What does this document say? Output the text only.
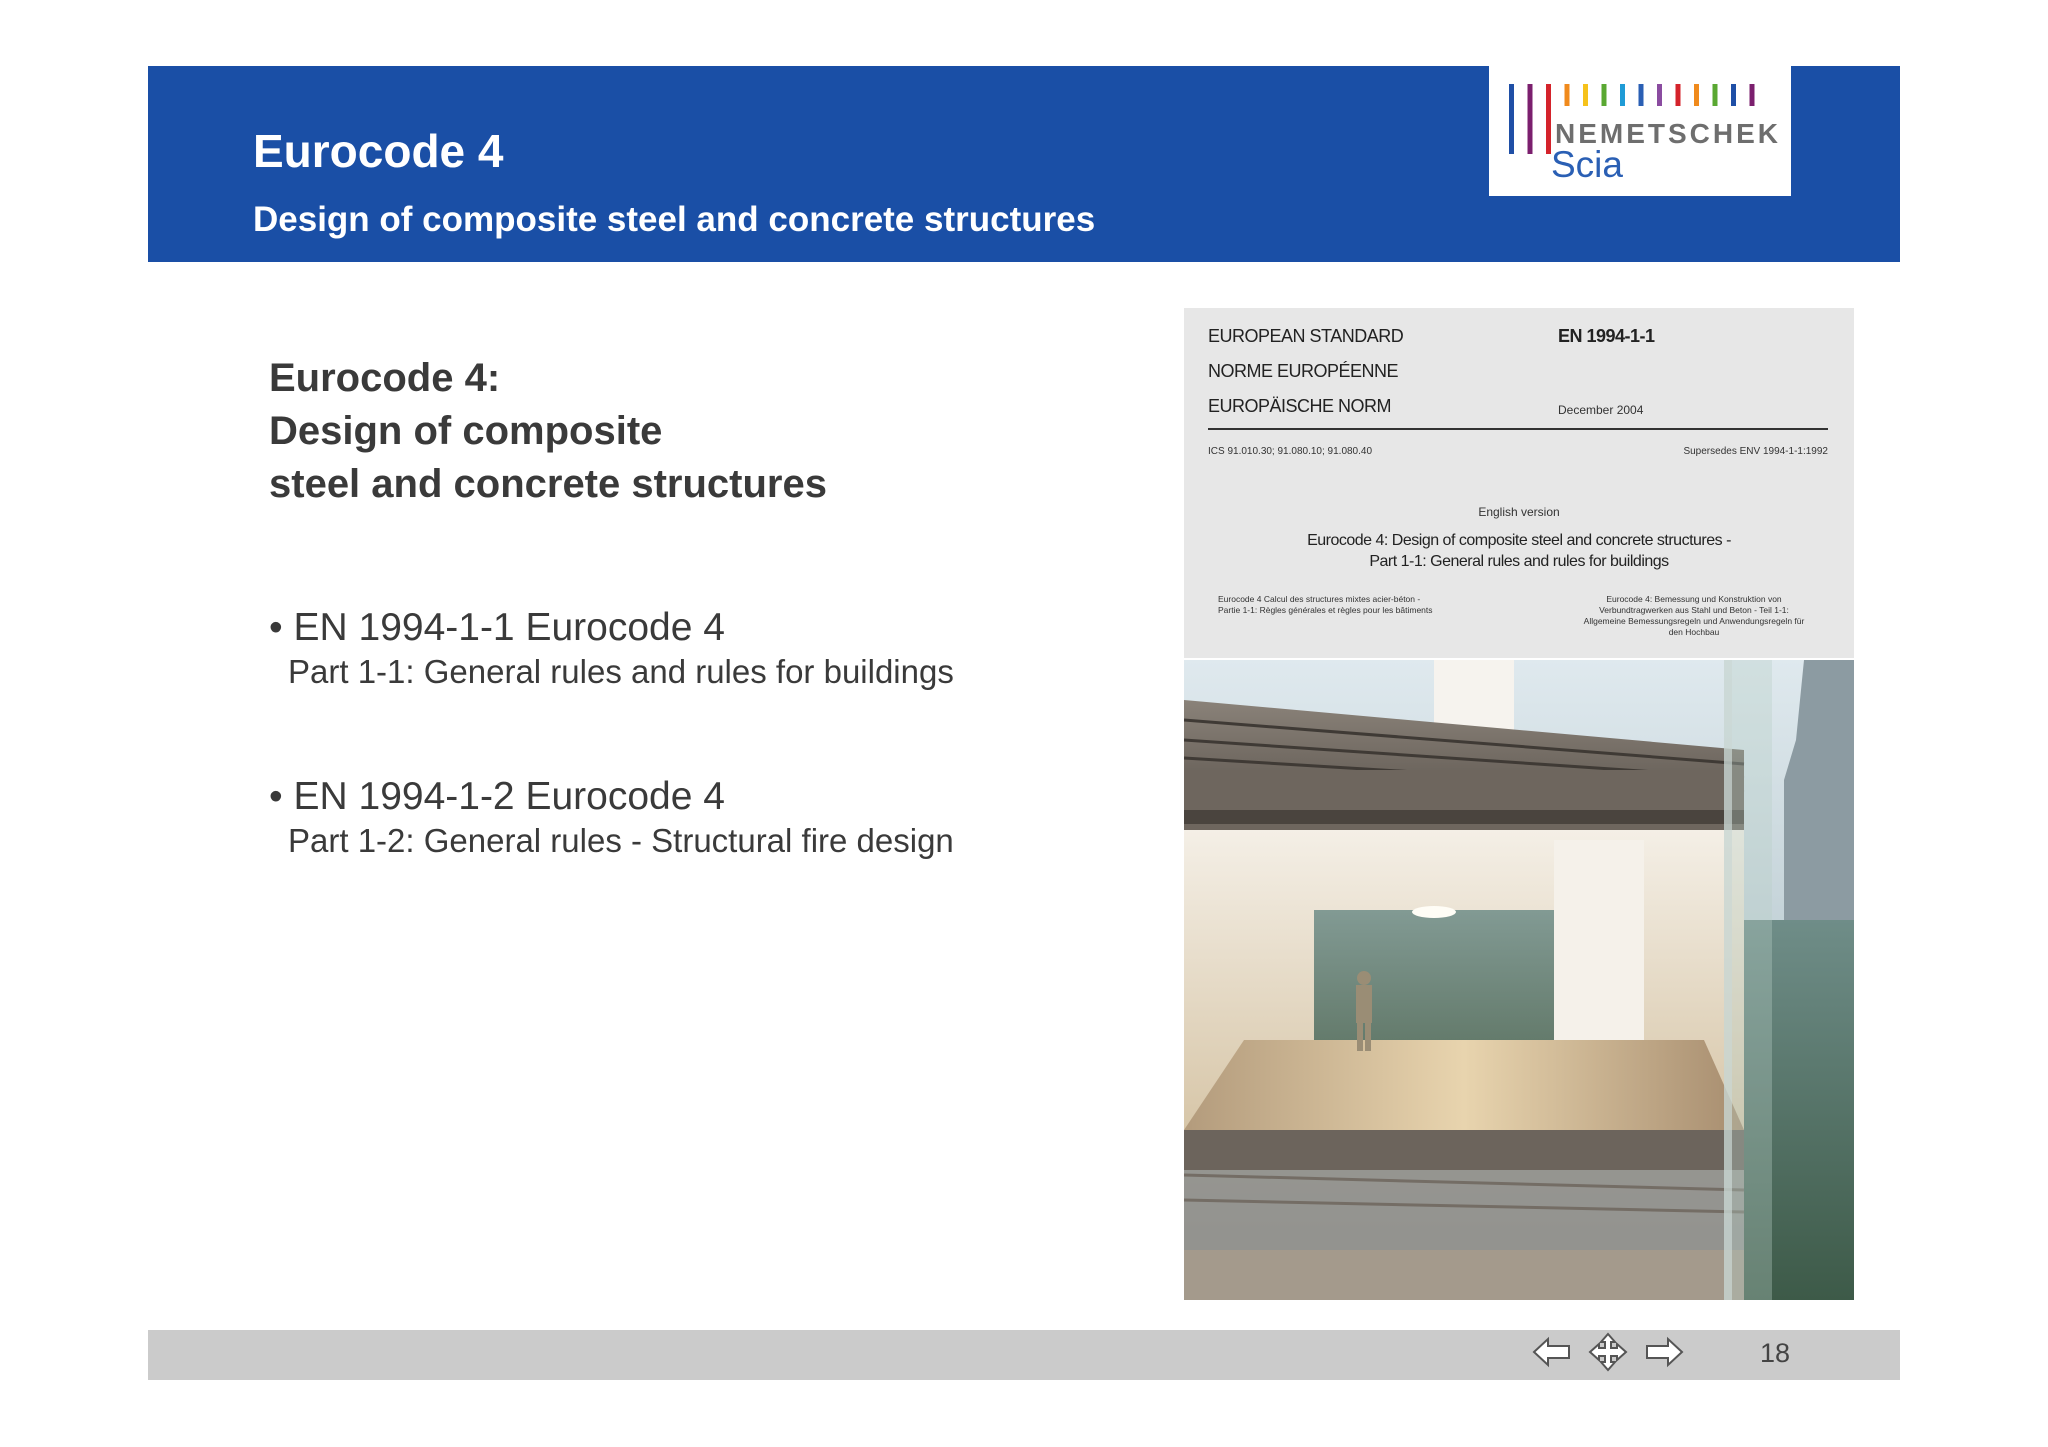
Eurocode 4
Design of composite steel and concrete structures
NEMETSCHEK
Scia
Eurocode 4:
Design of composite
steel and concrete structures
• EN 1994-1-1 Eurocode 4
Part 1-1: General rules and rules for buildings
• EN 1994-1-2 Eurocode 4
Part 1-2: General rules - Structural fire design
EUROPEAN STANDARD
NORME EUROPÉENNE
EUROPÄISCHE NORM
EN 1994-1-1
December 2004
ICS 91.010.30; 91.080.10; 91.080.40	Supersedes ENV 1994-1-1:1992
English version
Eurocode 4: Design of composite steel and concrete structures -
Part 1-1: General rules and rules for buildings
Eurocode 4 Calcul des structures mixtes acier-béton -
Partie 1-1: Règles générales et règles pour les bâtiments
Eurocode 4: Bemessung und Konstruktion von
Verbundtragwerken aus Stahl und Beton - Teil 1-1:
Allgemeine Bemessungsregeln und Anwendungsregeln für
den Hochbau
18
